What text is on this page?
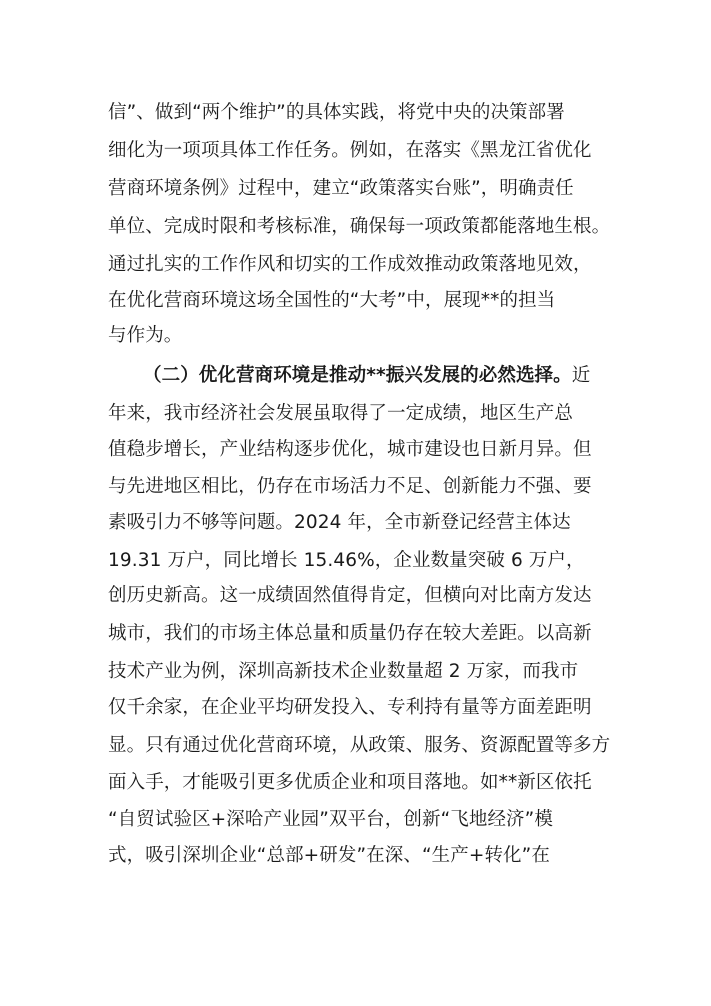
信”、做到“两个维护”的具体实践，将党中央的决策部署
细化为一项项具体工作任务。例如，在落实《黑龙江省优化
营商环境条例》过程中，建立“政策落实台账”，明确责任
单位、完成时限和考核标准，确保每一项政策都能落地生根。
通过扎实的工作作风和切实的工作成效推动政策落地见效，
在优化营商环境这场全国性的“大考”中，展现**的担当
与作为。
（二）优化营商环境是推动**振兴发展的必然选择。近
年来，我市经济社会发展虽取得了一定成绩，地区生产总
值稳步增长，产业结构逐步优化，城市建设也日新月异。但
与先进地区相比，仍存在市场活力不足、创新能力不强、要
素吸引力不够等问题。2024 年，全市新登记经营主体达
19.31 万户，同比增长 15.46%，企业数量突破 6 万户，
创历史新高。这一成绩固然值得肯定，但横向对比南方发达
城市，我们的市场主体总量和质量仍存在较大差距。以高新
技术产业为例，深圳高新技术企业数量超 2 万家，而我市
仅千余家，在企业平均研发投入、专利持有量等方面差距明
显。只有通过优化营商环境，从政策、服务、资源配置等多方
面入手，才能吸引更多优质企业和项目落地。如**新区依托
“自贸试验区+深哈产业园”双平台，创新“飞地经济”模
式，吸引深圳企业“总部+研发”在深、“生产+转化”在
